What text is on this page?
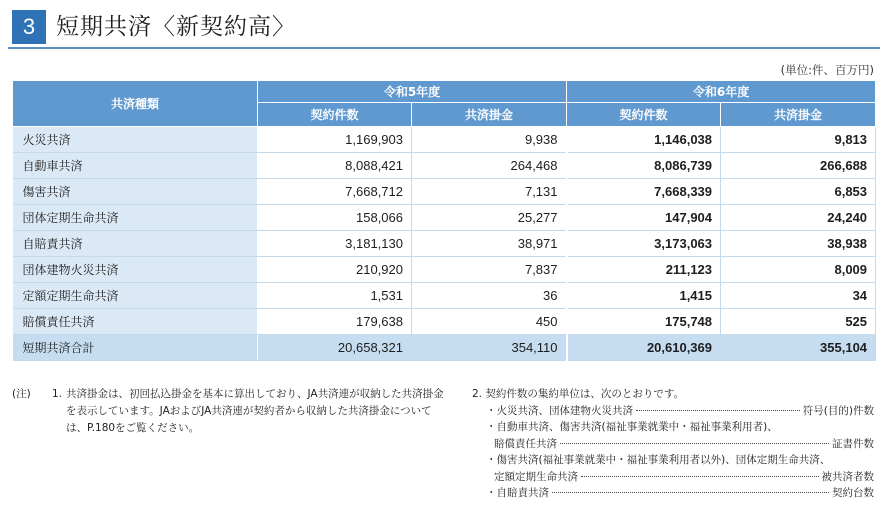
3 短期共済〈新契約高〉
(単位:件、百万円)
共済種類	令和5年度		令和6年度	
	契約件数	共済掛金	契約件数	共済掛金
火災共済	1,169,903	9,938	1,146,038	9,813
自動車共済	8,088,421	264,468	8,086,739	266,688
傷害共済	7,668,712	7,131	7,668,339	6,853
団体定期生命共済	158,066	25,277	147,904	24,240
自賠責共済	3,181,130	38,971	3,173,063	38,938
団体建物火災共済	210,920	7,837	211,123	8,009
定額定期生命共済	1,531	36	1,415	34
賠償責任共済	179,638	450	175,748	525
短期共済合計	20,658,321	354,110	20,610,369	355,104
(注) 1. 共済掛金は、初回払込掛金を基本に算出しており、JA共済連が収納した共済掛金
を表示しています。JAおよびJA共済連が契約者から収納した共済掛金について
は、P.180をご覧ください。
2. 契約件数の集約単位は、次のとおりです。
・火災共済、団体建物火災共済	符号(目的)件数
・自動車共済、傷害共済(福祉事業就業中・福祉事業利用者)、
賠償責任共済	証書件数
・傷害共済(福祉事業就業中・福祉事業利用者以外)、団体定期生命共済、
定額定期生命共済	被共済者数
・自賠責共済	契約台数
